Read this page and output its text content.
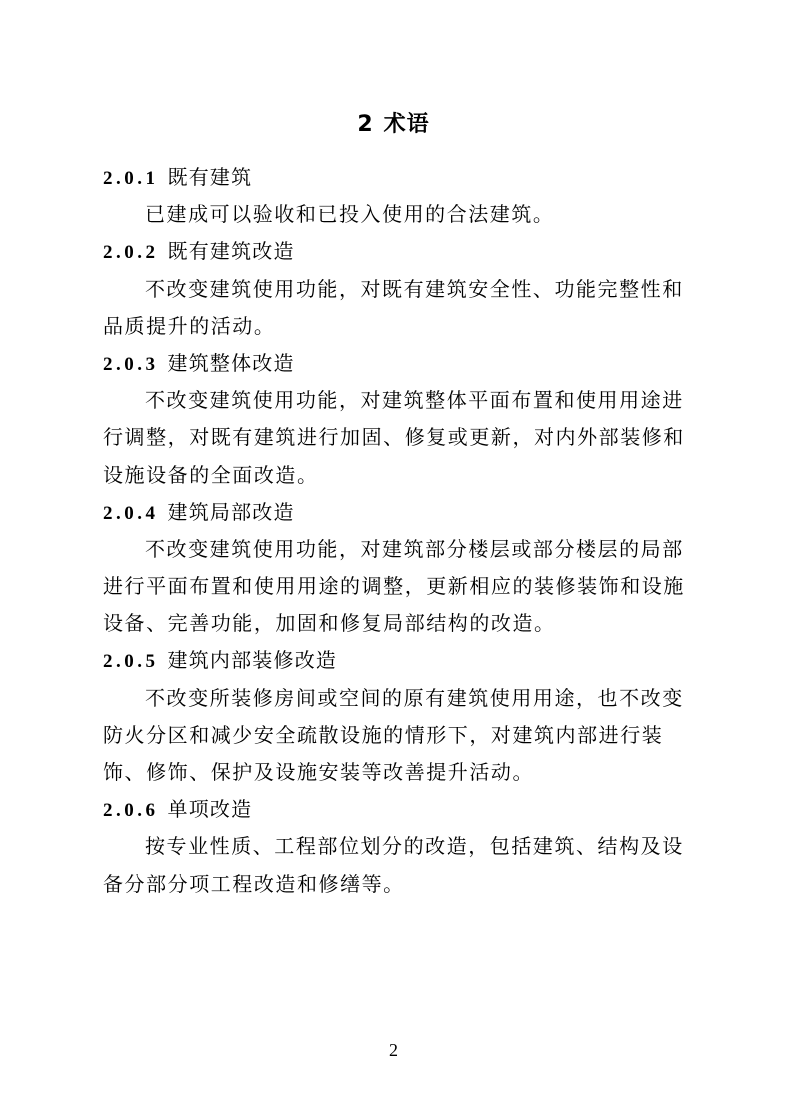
2 术语
2.0.1 既有建筑
已建成可以验收和已投入使用的合法建筑。
2.0.2 既有建筑改造
不改变建筑使用功能，对既有建筑安全性、功能完整性和
品质提升的活动。
2.0.3 建筑整体改造
不改变建筑使用功能，对建筑整体平面布置和使用用途进
行调整，对既有建筑进行加固、修复或更新，对内外部装修和
设施设备的全面改造。
2.0.4 建筑局部改造
不改变建筑使用功能，对建筑部分楼层或部分楼层的局部
进行平面布置和使用用途的调整，更新相应的装修装饰和设施
设备、完善功能，加固和修复局部结构的改造。
2.0.5 建筑内部装修改造
不改变所装修房间或空间的原有建筑使用用途，也不改变
防火分区和减少安全疏散设施的情形下，对建筑内部进行装
饰、修饰、保护及设施安装等改善提升活动。
2.0.6 单项改造
按专业性质、工程部位划分的改造，包括建筑、结构及设
备分部分项工程改造和修缮等。
2
